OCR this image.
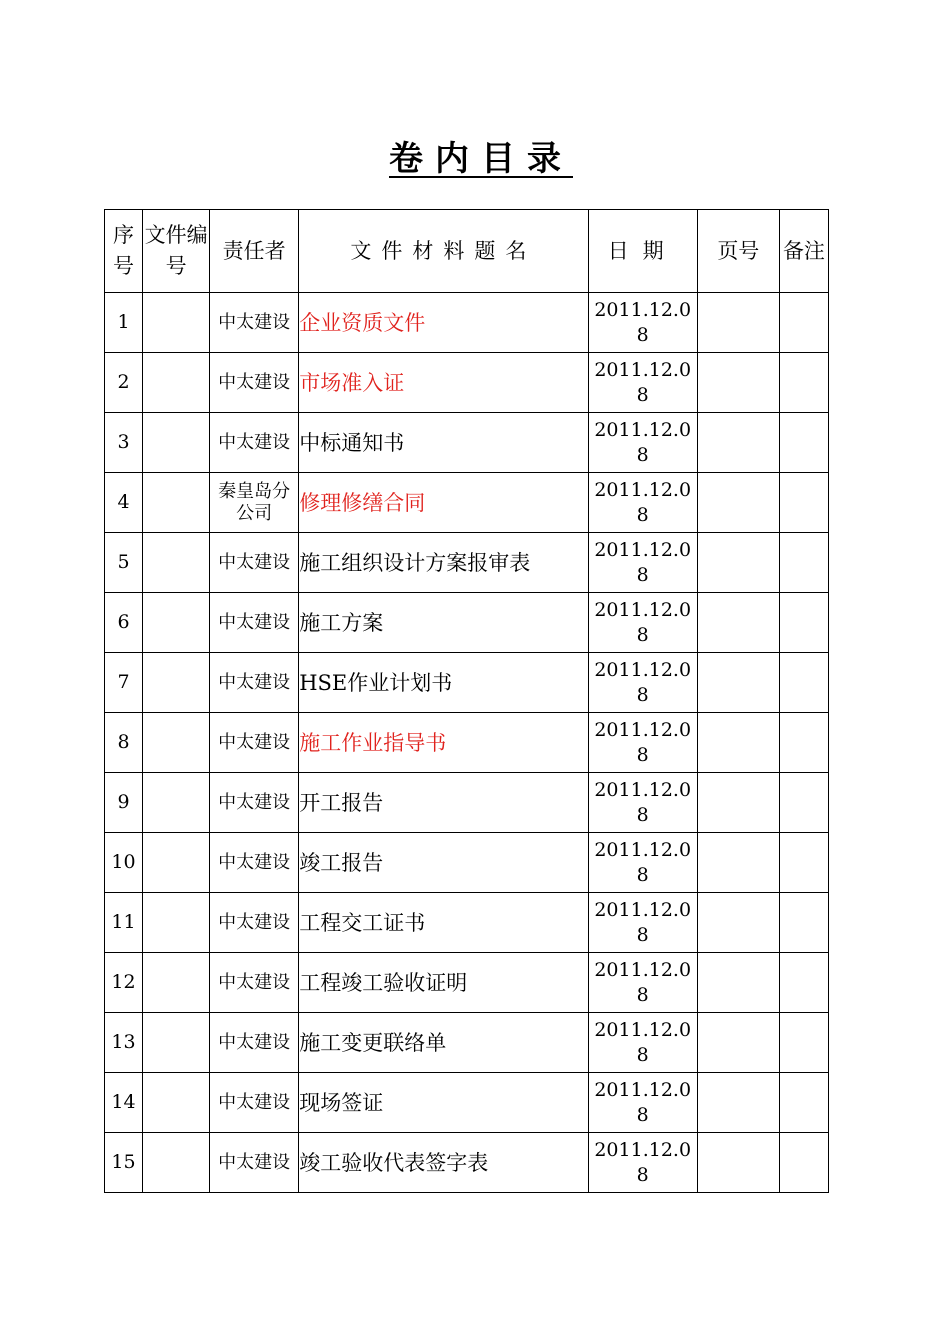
卷内目录
序号	文件编号	责任者	文件材料题名	日期	页号	备注
1		中太建设	企业资质文件	2011.12.08		
2		中太建设	市场准入证	2011.12.08		
3		中太建设	中标通知书	2011.12.08		
4		秦皇岛分公司	修理修缮合同	2011.12.08		
5		中太建设	施工组织设计方案报审表	2011.12.08		
6		中太建设	施工方案	2011.12.08		
7		中太建设	HSE作业计划书	2011.12.08		
8		中太建设	施工作业指导书	2011.12.08		
9		中太建设	开工报告	2011.12.08		
10		中太建设	竣工报告	2011.12.08		
11		中太建设	工程交工证书	2011.12.08		
12		中太建设	工程竣工验收证明	2011.12.08		
13		中太建设	施工变更联络单	2011.12.08		
14		中太建设	现场签证	2011.12.08		
15		中太建设	竣工验收代表签字表	2011.12.08		
